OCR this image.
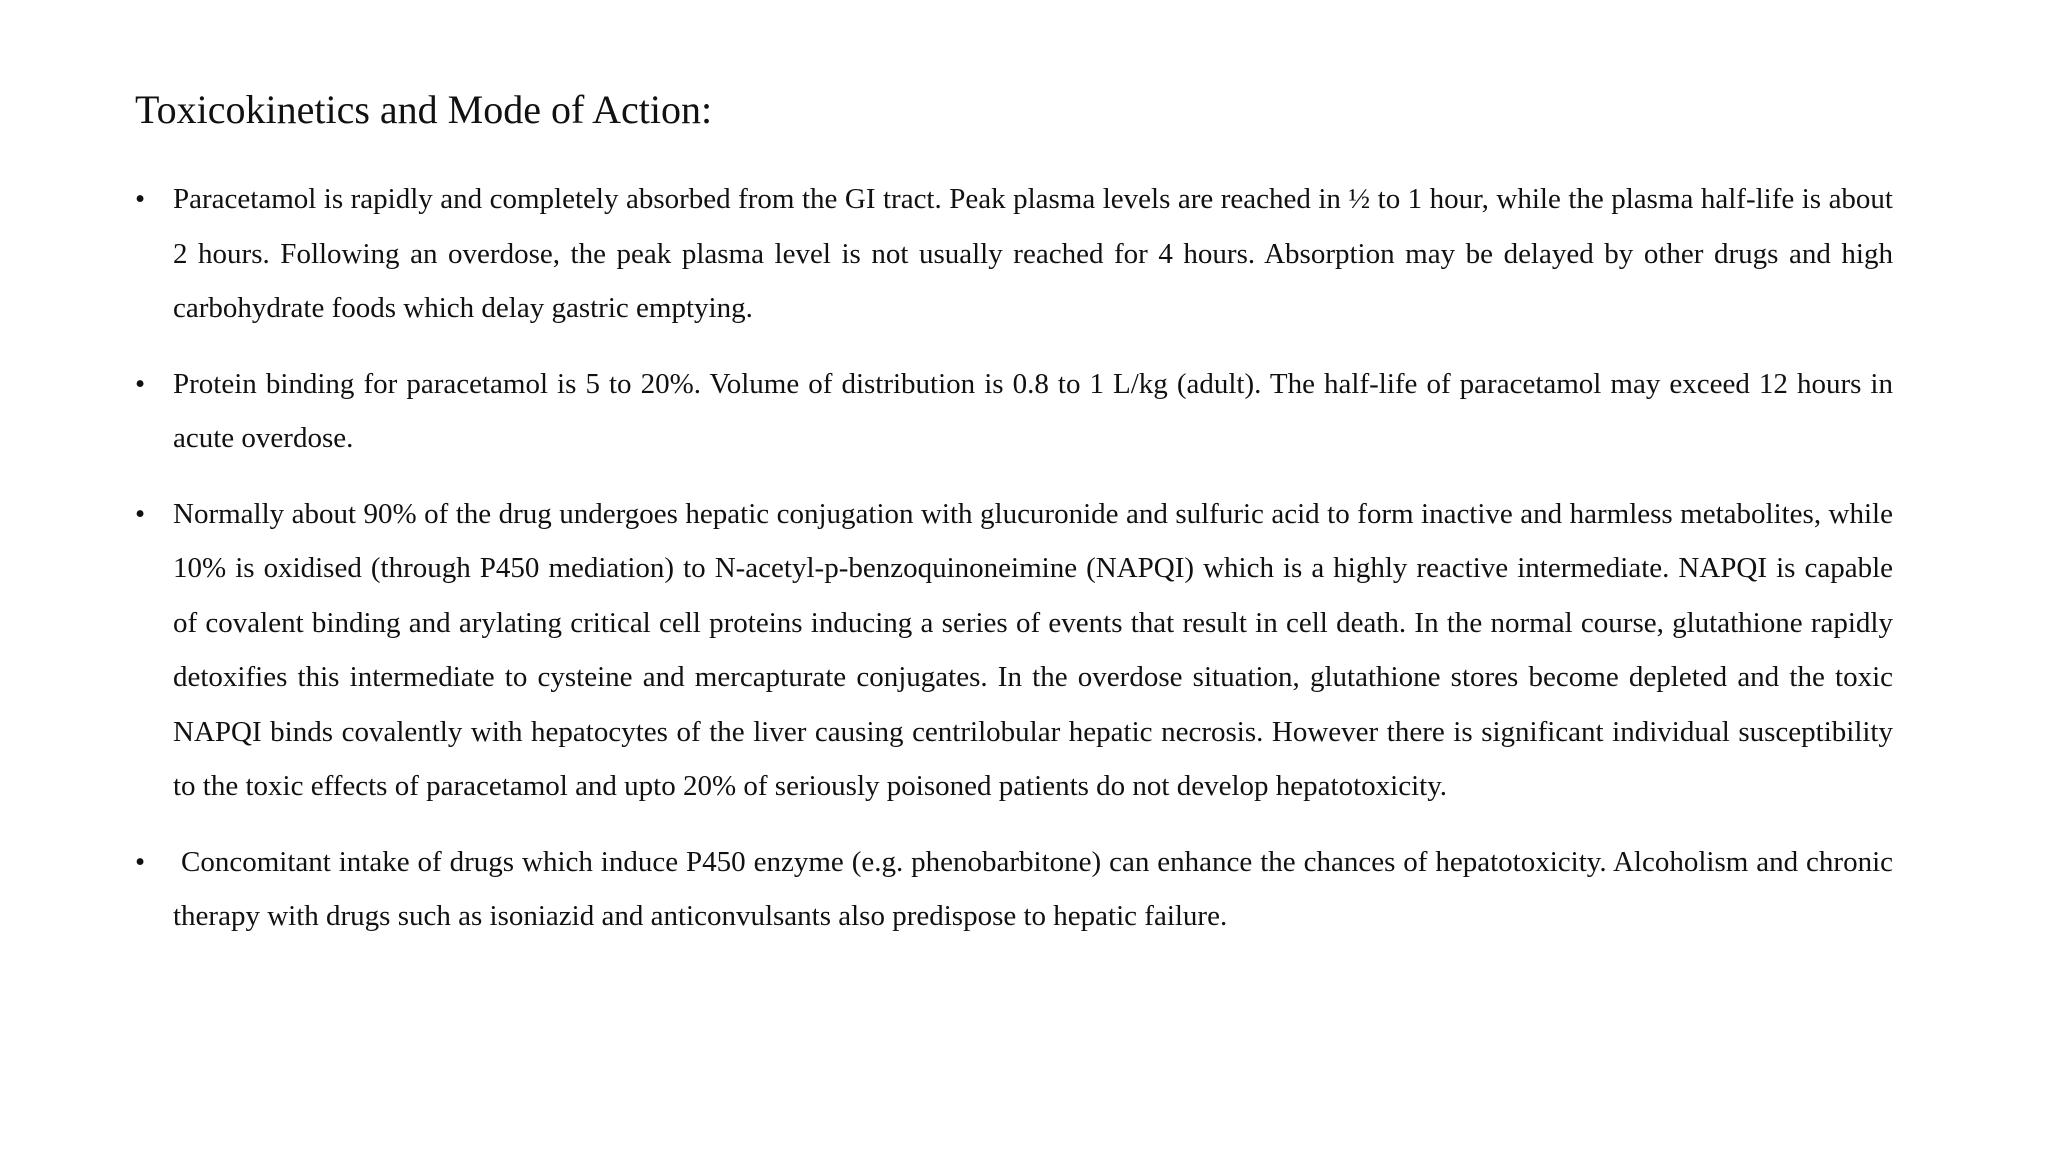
Toxicokinetics and Mode of Action:
• Paracetamol is rapidly and completely absorbed from the GI tract. Peak plasma levels are reached in ½ to 1 hour, while the plasma half-life is about 2 hours. Following an overdose, the peak plasma level is not usually reached for 4 hours. Absorption may be delayed by other drugs and high carbohydrate foods which delay gastric emptying.
• Protein binding for paracetamol is 5 to 20%. Volume of distribution is 0.8 to 1 L/kg (adult). The half-life of paracetamol may exceed 12 hours in acute overdose.
• Normally about 90% of the drug undergoes hepatic conjugation with glucuronide and sulfuric acid to form inactive and harmless metabolites, while 10% is oxidised (through P450 mediation) to N-acetyl-p-benzoquinoneimine (NAPQI) which is a highly reactive intermediate. NAPQI is capable of covalent binding and arylating critical cell proteins inducing a series of events that result in cell death. In the normal course, glutathione rapidly detoxifies this intermediate to cysteine and mercapturate conjugates. In the overdose situation, glutathione stores become depleted and the toxic NAPQI binds covalently with hepatocytes of the liver causing centrilobular hepatic necrosis. However there is significant individual susceptibility to the toxic effects of paracetamol and upto 20% of seriously poisoned patients do not develop hepatotoxicity.
• Concomitant intake of drugs which induce P450 enzyme (e.g. phenobarbitone) can enhance the chances of hepatotoxicity. Alcoholism and chronic therapy with drugs such as isoniazid and anticonvulsants also predispose to hepatic failure.
